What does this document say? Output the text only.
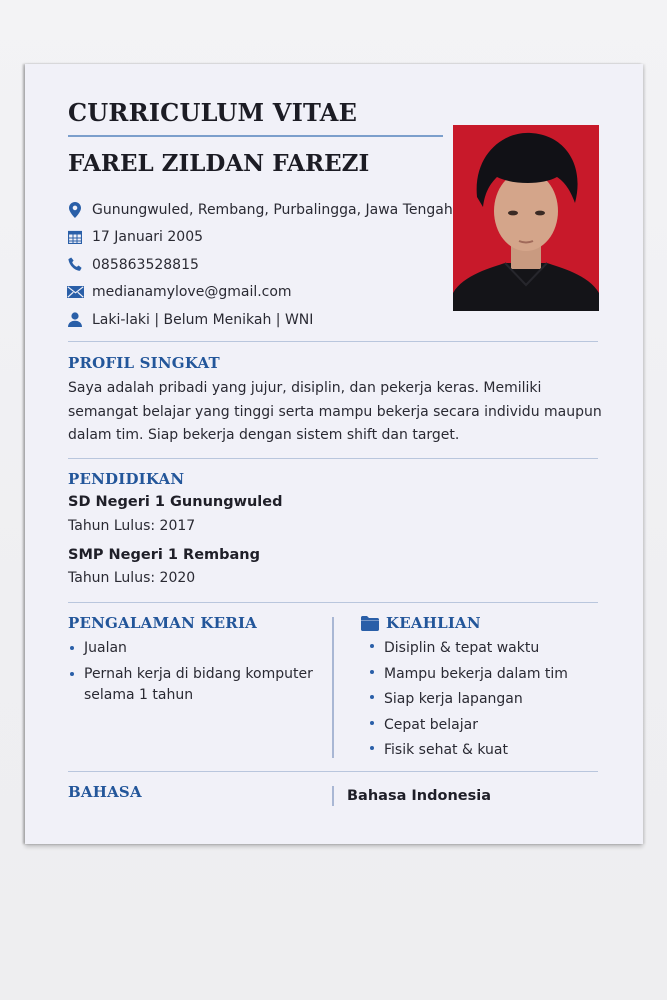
CURRICULUM VITAE
FAREL ZILDAN FAREZI
Gunungwuled, Rembang, Purbalingga, Jawa Tengah
17 Januari 2005
085863528815
medianamylove@gmail.com
Laki-laki | Belum Menikah | WNI
PROFIL SINGKAT
Saya adalah pribadi yang jujur, disiplin, dan pekerja keras. Memiliki semangat belajar yang tinggi serta mampu bekerja secara individu maupun dalam tim. Siap bekerja dengan sistem shift dan target.
PENDIDIKAN
SD Negeri 1 Gunungwuled
Tahun Lulus: 2017
SMP Negeri 1 Rembang
Tahun Lulus: 2020
PENGALAMAN KERIA
Jualan
Pernah kerja di bidang komputer selama 1 tahun
KEAHLIAN
Disiplin & tepat waktu
Mampu bekerja dalam tim
Siap kerja lapangan
Cepat belajar
Fisik sehat & kuat
BAHASA	Bahasa Indonesia
